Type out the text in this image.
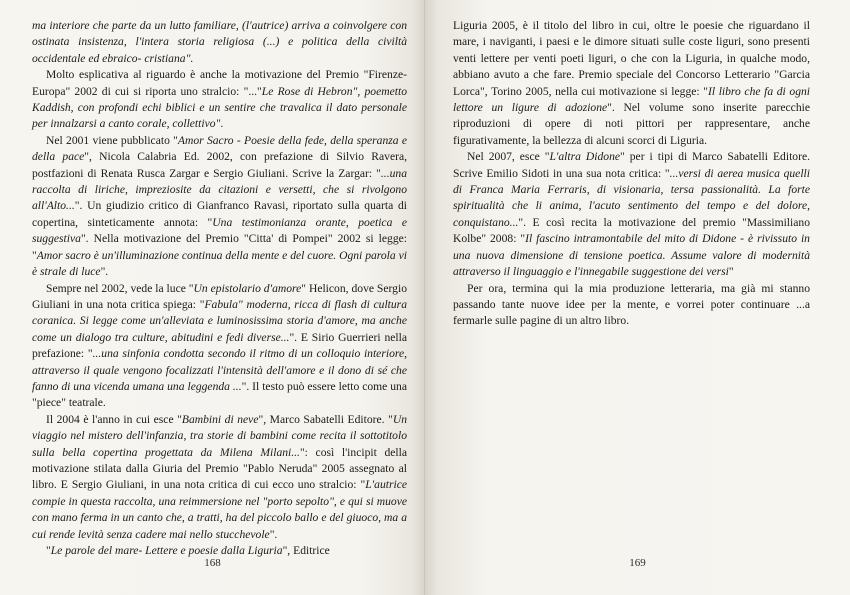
ma interiore che parte da un lutto familiare, (l'autrice) arriva a coinvolgere con ostinata insistenza, l'intera storia religiosa (...) e politica della civiltà occidentale ed ebraico- cristiana".

Molto esplicativa al riguardo è anche la motivazione del Premio "Firenze- Europa" 2002 di cui si riporta uno stralcio: "..."Le Rose di Hebron", poemetto Kaddish, con profondi echi biblici e un sentire che travalica il dato personale per innalzarsi a canto corale, collettivo".

Nel 2001 viene pubblicato "Amor Sacro - Poesie della fede, della speranza e della pace", Nicola Calabria Ed. 2002, con prefazione di Silvio Ravera, postfazioni di Renata Rusca Zargar e Sergio Giuliani. Scrive la Zargar: "...una raccolta di liriche, impreziosite da citazioni e versetti, che si rivolgono all'Alto...". Un giudizio critico di Gianfranco Ravasi, riportato sulla quarta di copertina, sinteticamente annota: "Una testimonianza orante, poetica e suggestiva". Nella motivazione del Premio "Citta' di Pompei" 2002 si legge: "Amor sacro è un'illuminazione continua della mente e del cuore. Ogni parola vi è strale di luce".

Sempre nel 2002, vede la luce "Un epistolario d'amore" Helicon, dove Sergio Giuliani in una nota critica spiega: "Fabula" moderna, ricca di flash di cultura coranica. Si legge come un'alleviata e luminosissima storia d'amore, ma anche come un dialogo tra culture, abitudini e fedi diverse...". E Sirio Guerrieri nella prefazione: "...una sinfonia condotta secondo il ritmo di un colloquio interiore, attraverso il quale vengono focalizzati l'intensità dell'amore e il dono di sé che fanno di una vicenda umana una leggenda ...". Il testo può essere letto come una "piece" teatrale.

Il 2004 è l'anno in cui esce "Bambini di neve", Marco Sabatelli Editore. "Un viaggio nel mistero dell'infanzia, tra storie di bambini come recita il sottotitolo sulla bella copertina progettata da Milena Milani...": così l'incipit della motivazione stilata dalla Giuria del Premio "Pablo Neruda" 2005 assegnato al libro. E Sergio Giuliani, in una nota critica di cui ecco uno stralcio: "L'autrice compie in questa raccolta, una reimmersione nel "porto sepolto", e qui si muove con mano ferma in un canto che, a tratti, ha del piccolo ballo e del giuoco, ma a cui rende levità senza cadere mai nello stucchevole".

"Le parole del mare- Lettere e poesie dalla Liguria", Editrice

168

Liguria 2005, è il titolo del libro in cui, oltre le poesie che riguardano il mare, i naviganti, i paesi e le dimore situati sulle coste liguri, sono presenti venti lettere per venti poeti liguri, o che con la Liguria, in qualche modo, abbiano avuto a che fare. Premio speciale del Concorso Letterario "Garcia Lorca", Torino 2005, nella cui motivazione si legge: "Il libro che fa di ogni lettore un ligure di adozione". Nel volume sono inserite parecchie riproduzioni di opere di noti pittori per rappresentare, anche figurativamente, la bellezza di alcuni scorci di Liguria.

Nel 2007, esce "L'altra Didone" per i tipi di Marco Sabatelli Editore. Scrive Emilio Sidoti in una sua nota critica: "...versi di aerea musica quelli di Franca Maria Ferraris, di visionaria, tersa passionalità. La forte spiritualità che li anima, l'acuto sentimento del tempo e del dolore, conquistano...". E così recita la motivazione del premio "Massimiliano Kolbe" 2008: "Il fascino intramontabile del mito di Didone - è rivissuto in una nuova dimensione di tensione poetica. Assume valore di modernità attraverso il linguaggio e l'innegabile suggestione dei versi"

Per ora, termina qui la mia produzione letteraria, ma già mi stanno passando tante nuove idee per la mente, e vorrei poter continuare ...a fermarle sulle pagine di un altro libro.

169
